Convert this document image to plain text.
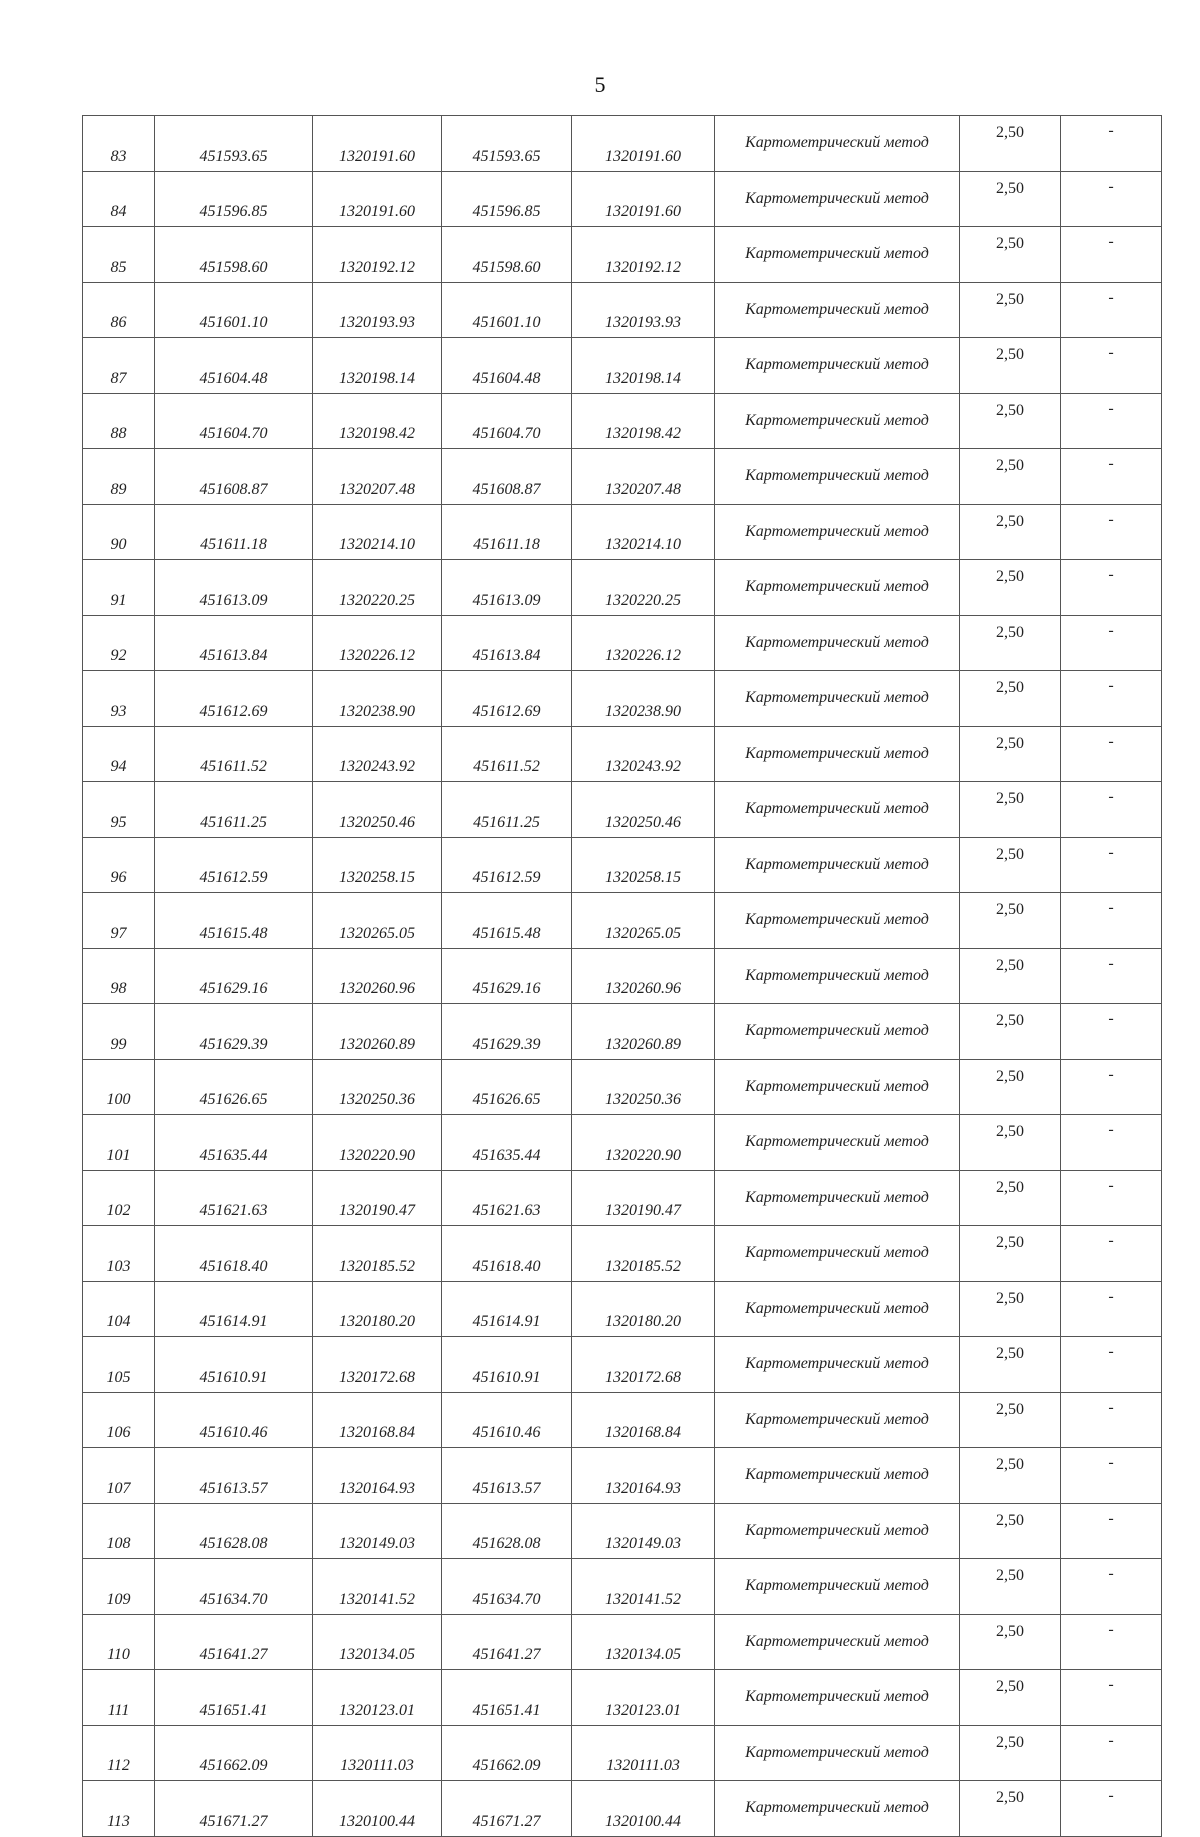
5
83	451593.65	1320191.60	451593.65	1320191.60	Картометрический метод	2,50	-
84	451596.85	1320191.60	451596.85	1320191.60	Картометрический метод	2,50	-
85	451598.60	1320192.12	451598.60	1320192.12	Картометрический метод	2,50	-
86	451601.10	1320193.93	451601.10	1320193.93	Картометрический метод	2,50	-
87	451604.48	1320198.14	451604.48	1320198.14	Картометрический метод	2,50	-
88	451604.70	1320198.42	451604.70	1320198.42	Картометрический метод	2,50	-
89	451608.87	1320207.48	451608.87	1320207.48	Картометрический метод	2,50	-
90	451611.18	1320214.10	451611.18	1320214.10	Картометрический метод	2,50	-
91	451613.09	1320220.25	451613.09	1320220.25	Картометрический метод	2,50	-
92	451613.84	1320226.12	451613.84	1320226.12	Картометрический метод	2,50	-
93	451612.69	1320238.90	451612.69	1320238.90	Картометрический метод	2,50	-
94	451611.52	1320243.92	451611.52	1320243.92	Картометрический метод	2,50	-
95	451611.25	1320250.46	451611.25	1320250.46	Картометрический метод	2,50	-
96	451612.59	1320258.15	451612.59	1320258.15	Картометрический метод	2,50	-
97	451615.48	1320265.05	451615.48	1320265.05	Картометрический метод	2,50	-
98	451629.16	1320260.96	451629.16	1320260.96	Картометрический метод	2,50	-
99	451629.39	1320260.89	451629.39	1320260.89	Картометрический метод	2,50	-
100	451626.65	1320250.36	451626.65	1320250.36	Картометрический метод	2,50	-
101	451635.44	1320220.90	451635.44	1320220.90	Картометрический метод	2,50	-
102	451621.63	1320190.47	451621.63	1320190.47	Картометрический метод	2,50	-
103	451618.40	1320185.52	451618.40	1320185.52	Картометрический метод	2,50	-
104	451614.91	1320180.20	451614.91	1320180.20	Картометрический метод	2,50	-
105	451610.91	1320172.68	451610.91	1320172.68	Картометрический метод	2,50	-
106	451610.46	1320168.84	451610.46	1320168.84	Картометрический метод	2,50	-
107	451613.57	1320164.93	451613.57	1320164.93	Картометрический метод	2,50	-
108	451628.08	1320149.03	451628.08	1320149.03	Картометрический метод	2,50	-
109	451634.70	1320141.52	451634.70	1320141.52	Картометрический метод	2,50	-
110	451641.27	1320134.05	451641.27	1320134.05	Картометрический метод	2,50	-
111	451651.41	1320123.01	451651.41	1320123.01	Картометрический метод	2,50	-
112	451662.09	1320111.03	451662.09	1320111.03	Картометрический метод	2,50	-
113	451671.27	1320100.44	451671.27	1320100.44	Картометрический метод	2,50	-
